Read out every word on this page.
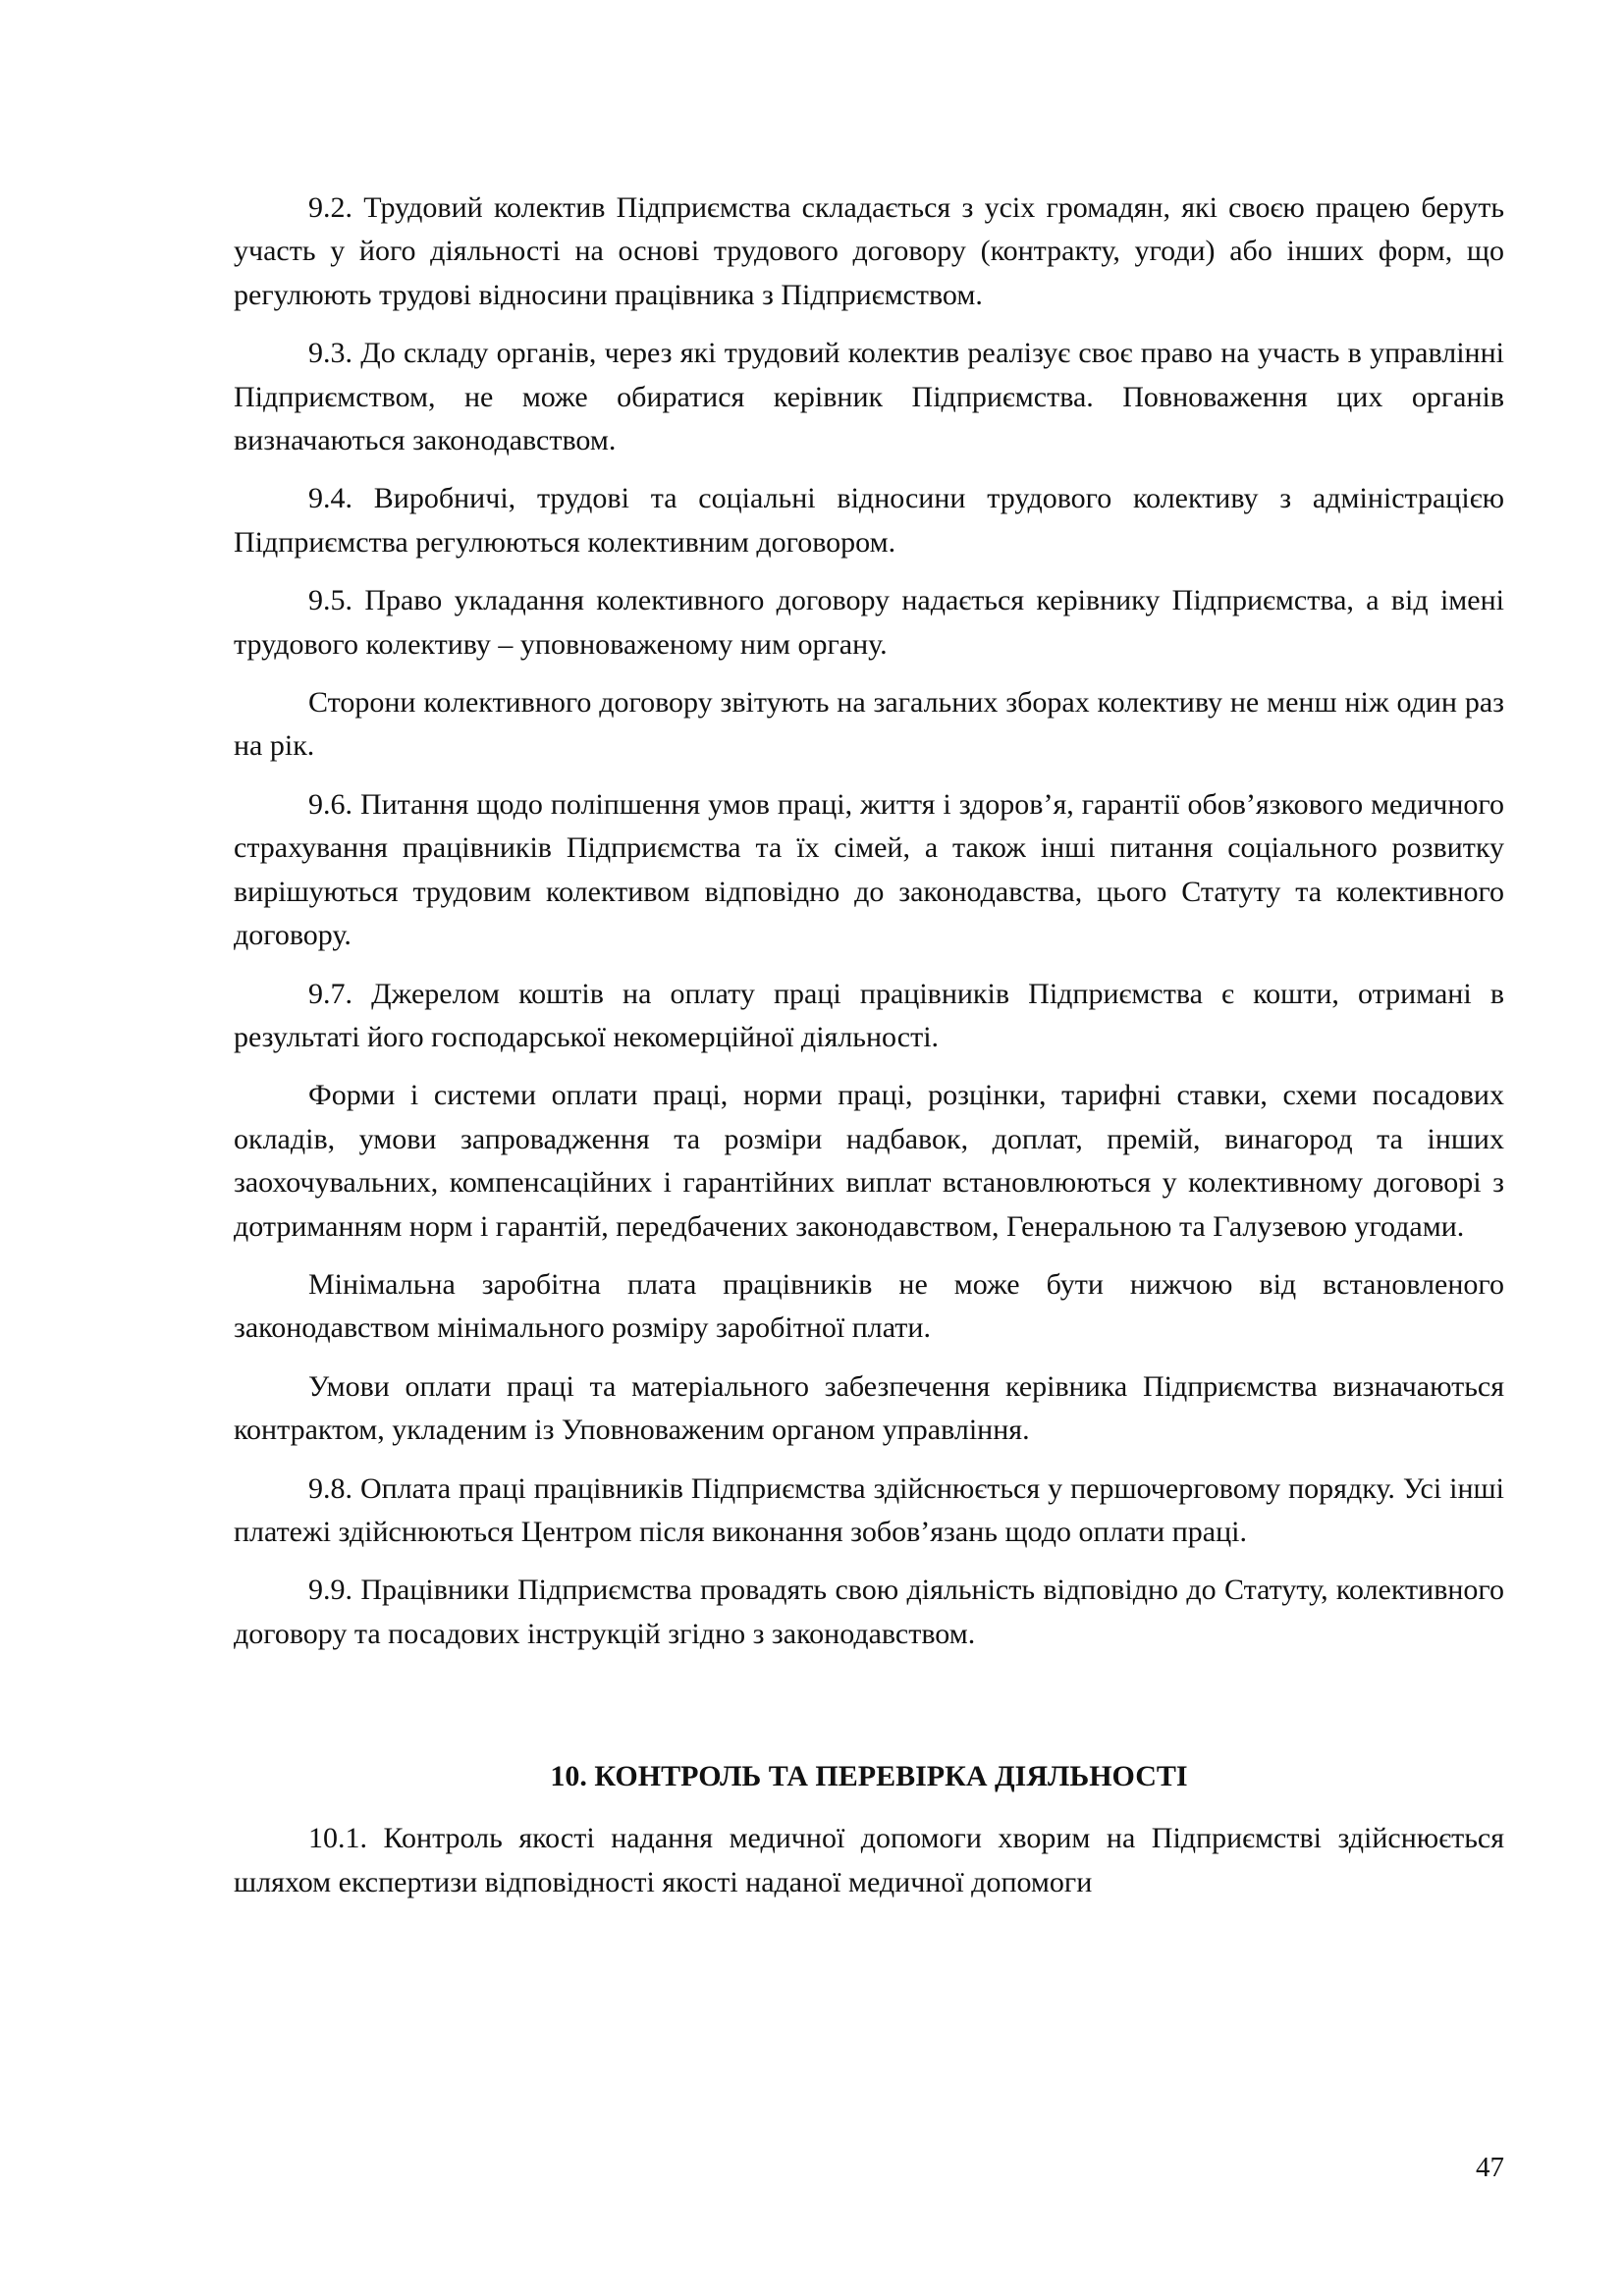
9.2. Трудовий колектив Підприємства складається з усіх громадян, які своєю працею беруть участь у його діяльності на основі трудового договору (контракту, угоди) або інших форм, що регулюють трудові відносини працівника з Підприємством.

9.3. До складу органів, через які трудовий колектив реалізує своє право на участь в управлінні Підприємством, не може обиратися керівник Підприємства. Повноваження цих органів визначаються законодавством.

9.4. Виробничі, трудові та соціальні відносини трудового колективу з адміністрацією Підприємства регулюються колективним договором.

9.5. Право укладання колективного договору надається керівнику Підприємства, а від імені трудового колективу – уповноваженому ним органу.

Сторони колективного договору звітують на загальних зборах колективу не менш ніж один раз на рік.

9.6. Питання щодо поліпшення умов праці, життя і здоров’я, гарантії обов’язкового медичного страхування працівників Підприємства та їх сімей, а також інші питання соціального розвитку вирішуються трудовим колективом відповідно до законодавства, цього Статуту та колективного договору.

9.7. Джерелом коштів на оплату праці працівників Підприємства є кошти, отримані в результаті його господарської некомерційної діяльності.

Форми і системи оплати праці, норми праці, розцінки, тарифні ставки, схеми посадових окладів, умови запровадження та розміри надбавок, доплат, премій, винагород та інших заохочувальних, компенсаційних і гарантійних виплат встановлюються у колективному договорі з дотриманням норм і гарантій, передбачених законодавством, Генеральною та Галузевою угодами.

Мінімальна заробітна плата працівників не може бути нижчою від встановленого законодавством мінімального розміру заробітної плати.

Умови оплати праці та матеріального забезпечення керівника Підприємства визначаються контрактом, укладеним із Уповноваженим органом управління.

9.8. Оплата праці працівників Підприємства здійснюється у першочерговому порядку. Усі інші платежі здійснюються Центром після виконання зобов’язань щодо оплати праці.

9.9. Працівники Підприємства провадять свою діяльність відповідно до Статуту, колективного договору та посадових інструкцій згідно з законодавством.

10. КОНТРОЛЬ ТА ПЕРЕВІРКА ДІЯЛЬНОСТІ

10.1. Контроль якості надання медичної допомоги хворим на Підприємстві здійснюється шляхом експертизи відповідності якості наданої медичної допомоги

47
